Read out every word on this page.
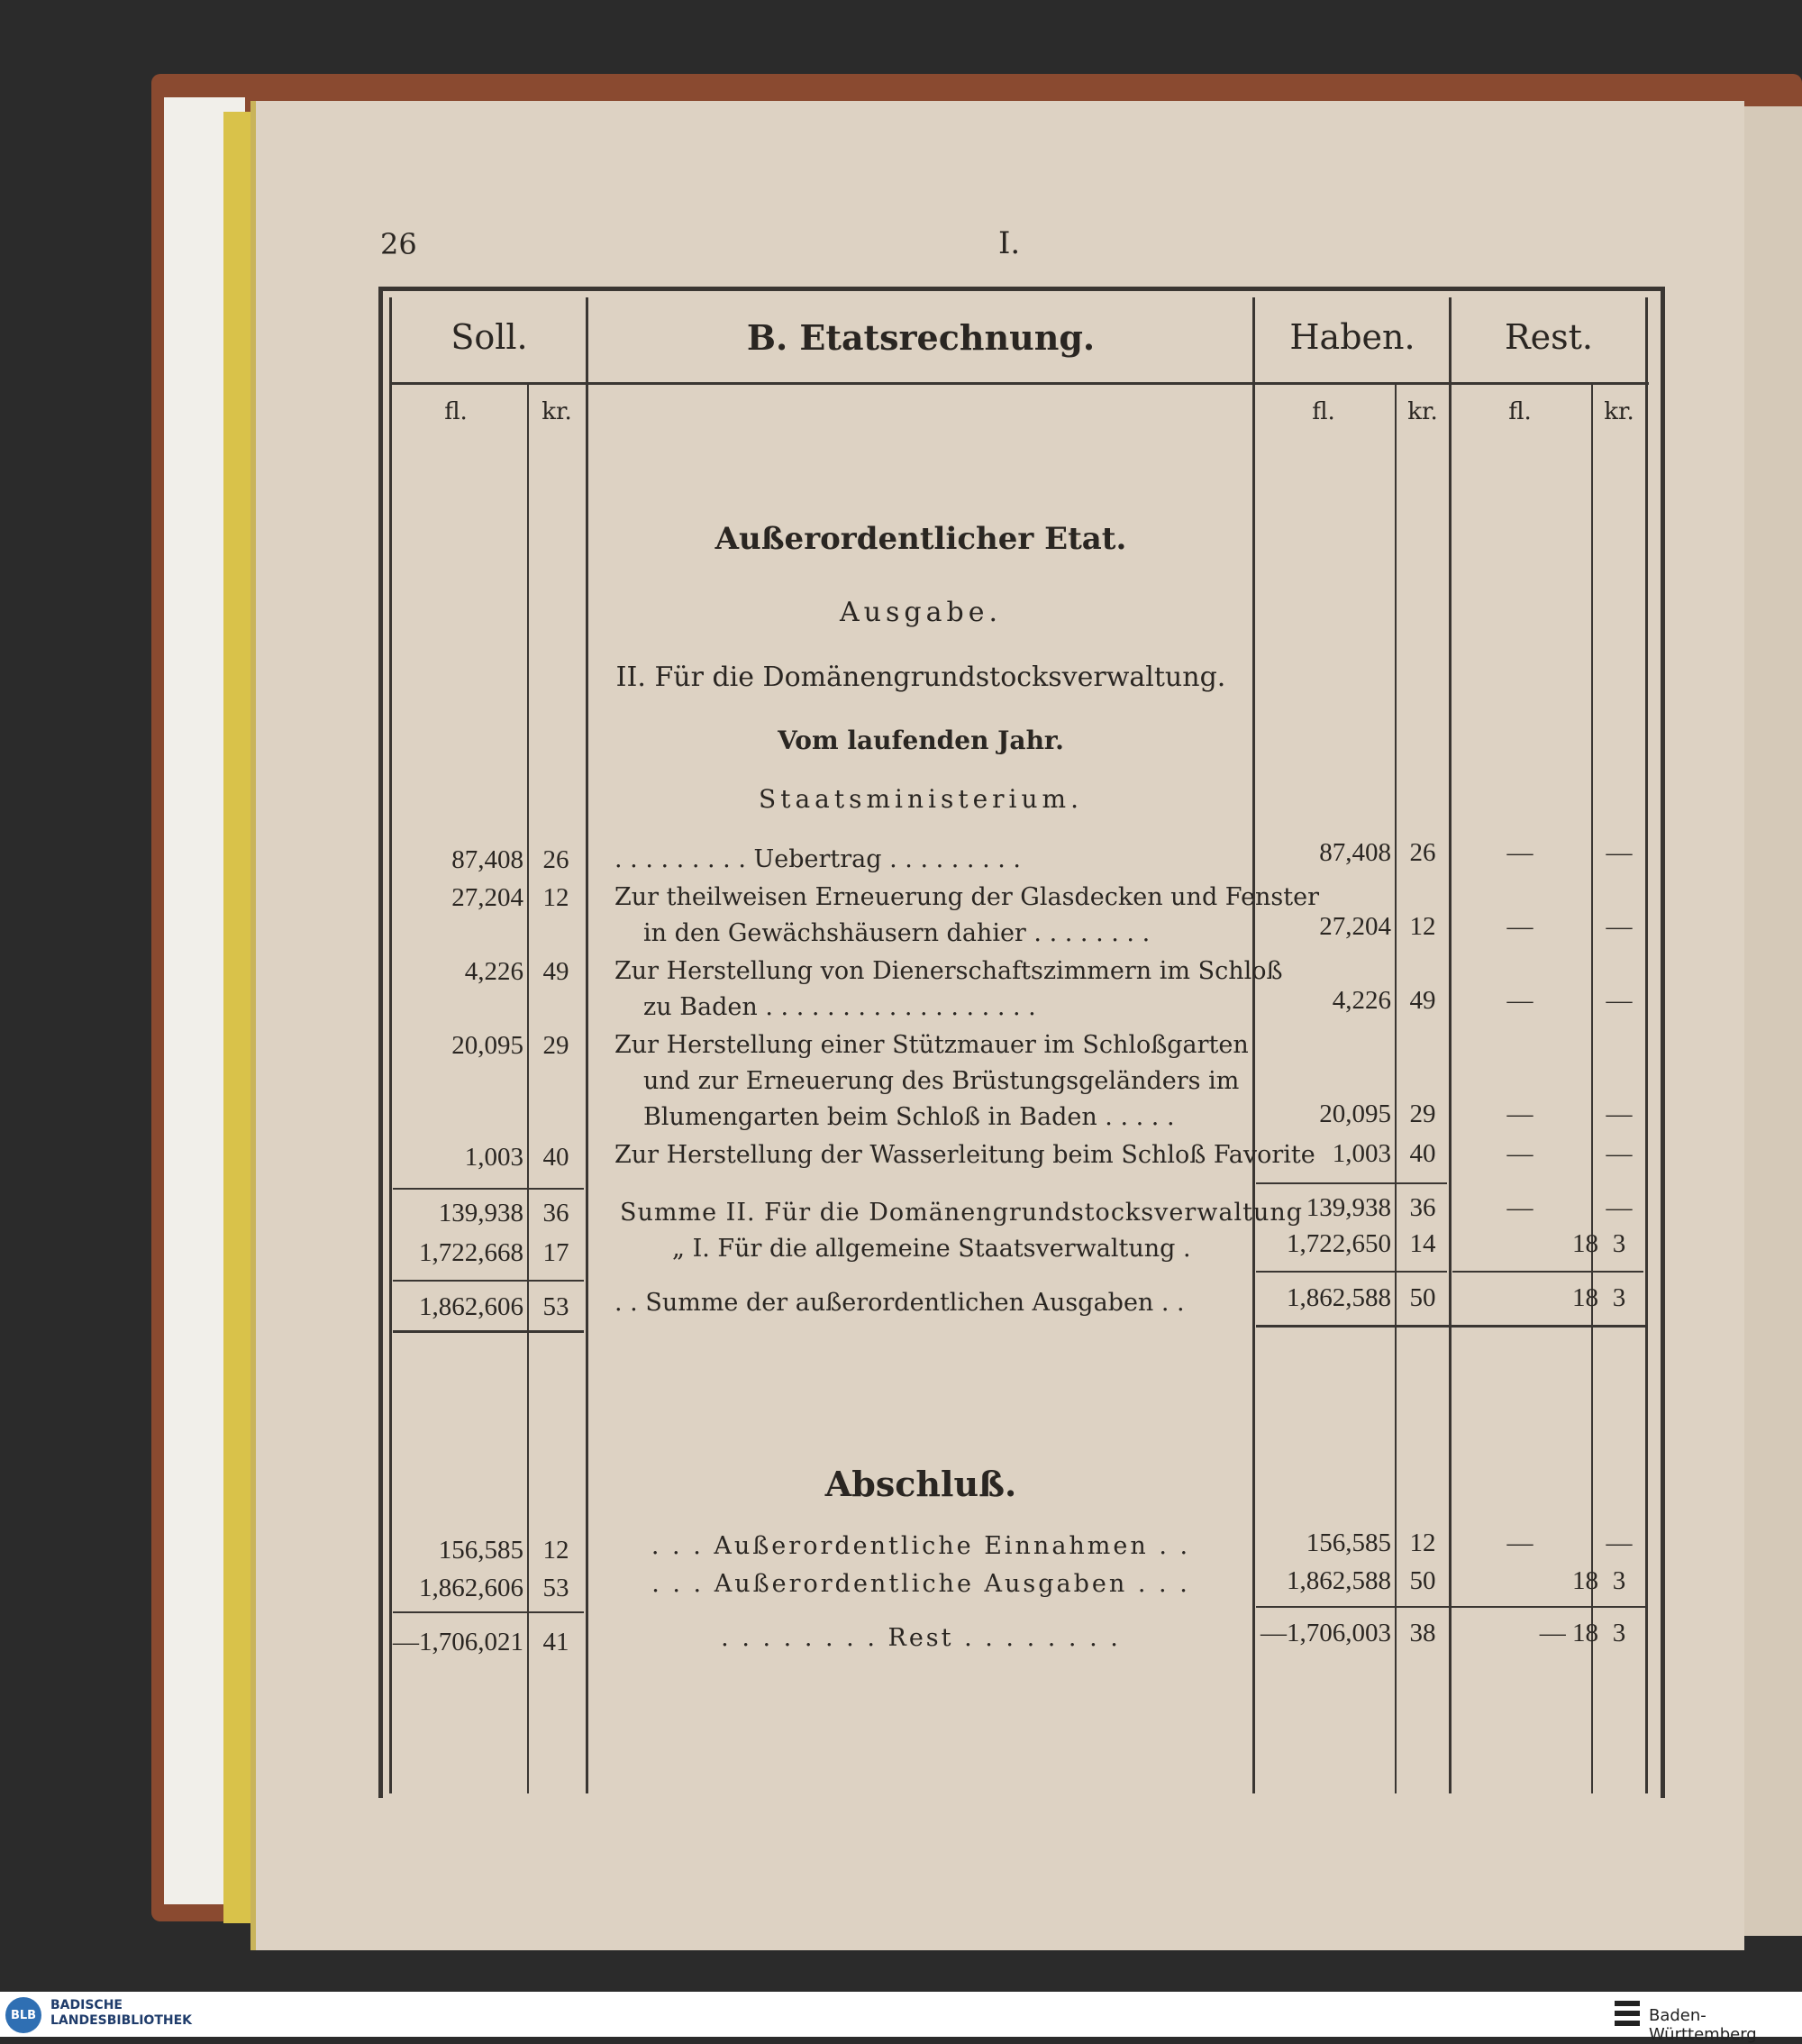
26	I.
Soll.	B. Etatsrechnung.	Haben.	Rest.
fl.	kr.	fl.	kr.	fl.	kr.
Außerordentlicher Etat.
Ausgabe.
II. Für die Domänengrundstocksverwaltung.
Vom laufenden Jahr.
Staatsministerium.
87,408 26	. . . . . . . . . Uebertrag . . . . . . . . .	87,408 26	—	—
27,204 12	Zur theilweisen Erneuerung der Glasdecken und Fenster
in den Gewächshäusern dahier . . . . . . . .	27,204 12	—	—
4,226 49	Zur Herstellung von Dienerschaftszimmern im Schloß
zu Baden . . . . . . . . . . . . . . . . . .	4,226 49	—	—
20,095 29	Zur Herstellung einer Stützmauer im Schloßgarten
und zur Erneuerung des Brüstungsgeländers im
Blumengarten beim Schloß in Baden . . . . .	20,095 29	—	—
1,003 40	Zur Herstellung der Wasserleitung beim Schloß Favorite 1,003 40	—	—
139,938 36	Summe II. Für die Domänengrundstocksverwaltung 139,938 36	—	—
1,722,668 17	„ I. Für die allgemeine Staatsverwaltung .	1,722,650 14	18 3
1,862,606 53	. . Summe der außerordentlichen Ausgaben . .	1,862,588 50	18 3
Abschluß.
156,585 12	. . . Außerordentliche Einnahmen . .	156,585 12	—	—
1,862,606 53	. . . Außerordentliche Ausgaben . . .	1,862,588 50	18 3
—1,706,021 41	. . . . . . . . Rest . . . . . . . .	—1,706,003 38	— 18 3
BLB
BADISCHE
LANDESBIBLIOTHEK	Baden-Württemberg
